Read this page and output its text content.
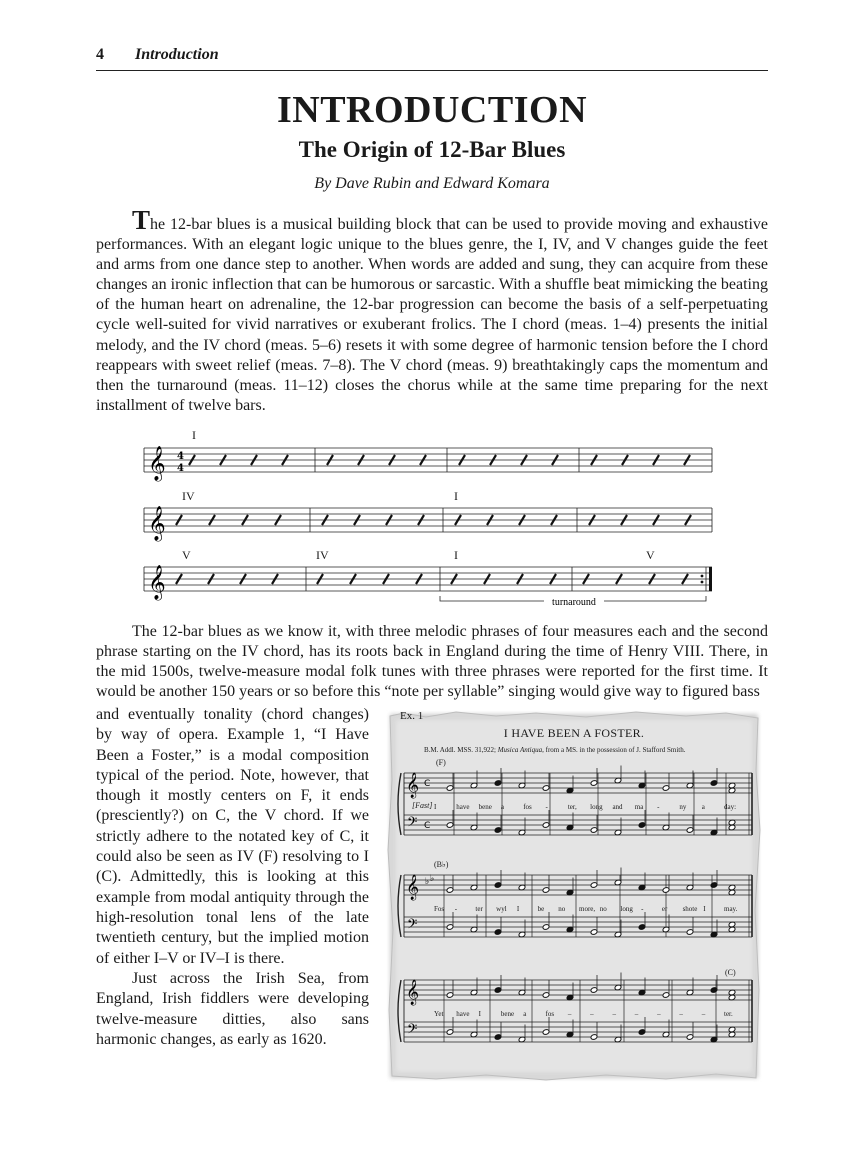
4 Introduction
INTRODUCTION
The Origin of 12-Bar Blues
By Dave Rubin and Edward Komara

The 12-bar blues is a musical building block that can be used to provide moving and exhaustive performances. With an elegant logic unique to the blues genre, the I, IV, and V changes guide the feet and arms from one dance step to another. When words are added and sung, they can acquire from these changes an ironic inflection that can be humorous or sarcastic. With a shuffle beat mimicking the beating of the human heart on adrenaline, the 12-bar progression can become the basis of a self-perpetuating cycle well-suited for vivid narratives or exuberant frolics. The I chord (meas. 1–4) presents the initial melody, and the IV chord (meas. 5–6) resets it with some degree of harmonic tension before the I chord reappears with sweet relief (meas. 7–8). The V chord (meas. 9) breathtakingly caps the momentum and then the turnaround (meas. 11–12) closes the chorus while at the same time preparing for the next installment of twelve bars.

I
𝄞 4
4
IV	I
𝄞
V	IV	I	V
𝄞
turnaround

The 12-bar blues as we know it, with three melodic phrases of four measures each and the second phrase starting on the IV chord, has its roots back in England during the time of Henry VIII. There, in the mid 1500s, twelve-measure modal folk tunes with three phrases were reported for the first time. It would be another 150 years or so before this “note per syllable” singing would give way to figured bass

and eventually tonality (chord changes) by way of opera. Example 1, “I Have Been a Foster,” is a modal composition typical of the period. Note, however, that though it mostly centers on F, it ends (presciently?) on C, the V chord. If we strictly adhere to the notated key of C, it could also be seen as IV (F) resolving to I (C). Admittedly, this is looking at this example from modal antiquity through the high-resolution tonal lens of the late twentieth century, but the implied motion of either I–V or IV–I is there.

Just across the Irish Sea, from England, Irish fiddlers were developing twelve-measure ditties, also sans harmonic changes, as early as 1620.

𝄞
𝄢
C
C
𝄞
𝄢
♭ ♭
𝄞
𝄢
Ex. 1
I HAVE BEEN A FOSTER.
B.M. Addl. MSS. 31,922; Musica Antiqua, from a MS. in the possession of J. Stafford Smith.
(F)
[Fast]
(B♭)
(C)
I	have bene a	fos -	ter, long and ma -	ny a	day:
Fos -	ter wyl I	be no more, no long -	er shote I	may.
Yet have I	bene a	fos –	–	–	–	–	–	–	ter.
